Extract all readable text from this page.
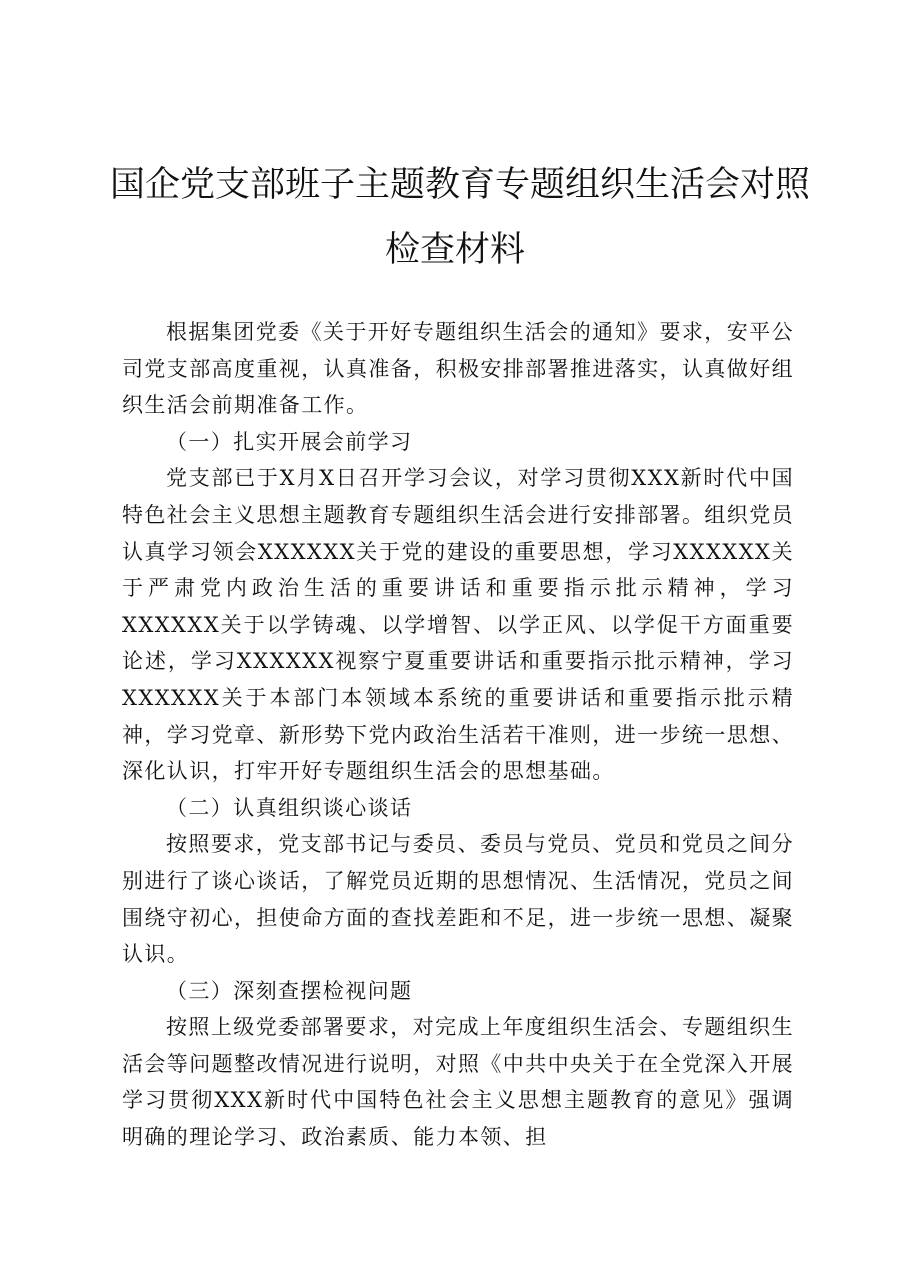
国企党支部班子主题教育专题组织生活会对照
检查材料

根据集团党委《关于开好专题组织生活会的通知》要求，安平公司党支部高度重视，认真准备，积极安排部署推进落实，认真做好组织生活会前期准备工作。

（一）扎实开展会前学习

党支部已于X月X日召开学习会议，对学习贯彻XXX新时代中国特色社会主义思想主题教育专题组织生活会进行安排部署。组织党员认真学习领会XXXXXX关于党的建设的重要思想，学习XXXXXX关于严肃党内政治生活的重要讲话和重要指示批示精神，学习XXXXXX关于以学铸魂、以学增智、以学正风、以学促干方面重要论述，学习XXXXXX视察宁夏重要讲话和重要指示批示精神，学习XXXXXX关于本部门本领域本系统的重要讲话和重要指示批示精神，学习党章、新形势下党内政治生活若干准则，进一步统一思想、深化认识，打牢开好专题组织生活会的思想基础。

（二）认真组织谈心谈话

按照要求，党支部书记与委员、委员与党员、党员和党员之间分别进行了谈心谈话，了解党员近期的思想情况、生活情况，党员之间围绕守初心，担使命方面的查找差距和不足，进一步统一思想、凝聚认识。

（三）深刻查摆检视问题

按照上级党委部署要求，对完成上年度组织生活会、专题组织生活会等问题整改情况进行说明，对照《中共中央关于在全党深入开展学习贯彻XXX新时代中国特色社会主义思想主题教育的意见》强调明确的理论学习、政治素质、能力本领、担
